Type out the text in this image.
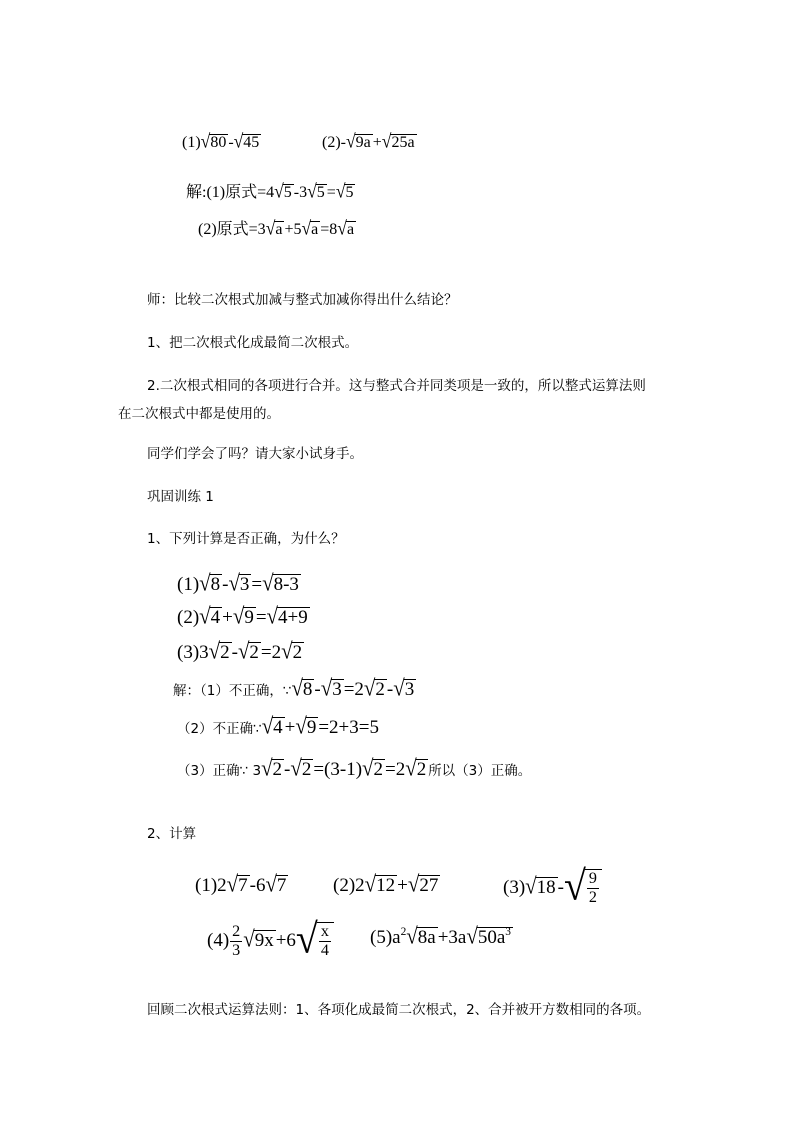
(1)√80 -√45	(2)-√9a +√25a
解:(1)原式=4√5 -3√5 =√5
(2)原式=3√a +5√a =8√a
师：比较二次根式加减与整式加减你得出什么结论？
1、把二次根式化成最简二次根式。
2.二次根式相同的各项进行合并。这与整式合并同类项是一致的，所以整式运算法则
在二次根式中都是使用的。
同学们学会了吗？请大家小试身手。
巩固训练 1
1、下列计算是否正确，为什么？
(1)√8 -√3 =√8-3
(2)√4 +√9 =√4+9
(3)3√2 -√2 =2√2
解：（1）不正确，∵√8 -√3 =2√2 -√3
（2）不正确∵√4 +√9 =2+3=5
（3）正确∵ 3√2 -√2 =(3-1)√2 =2√2 所以（3）正确。
2、计算
(1)2√7 -6√7 (2)2√12 +√27	(3)√18 -√ $\frac{9}{2}$
$(4) \frac{2}{3} √9x +6√ \frac{x}{4} (5)a^2√8a +3a√50a^3$
回顾二次根式运算法则：1、各项化成最简二次根式，2、合并被开方数相同的各项。
